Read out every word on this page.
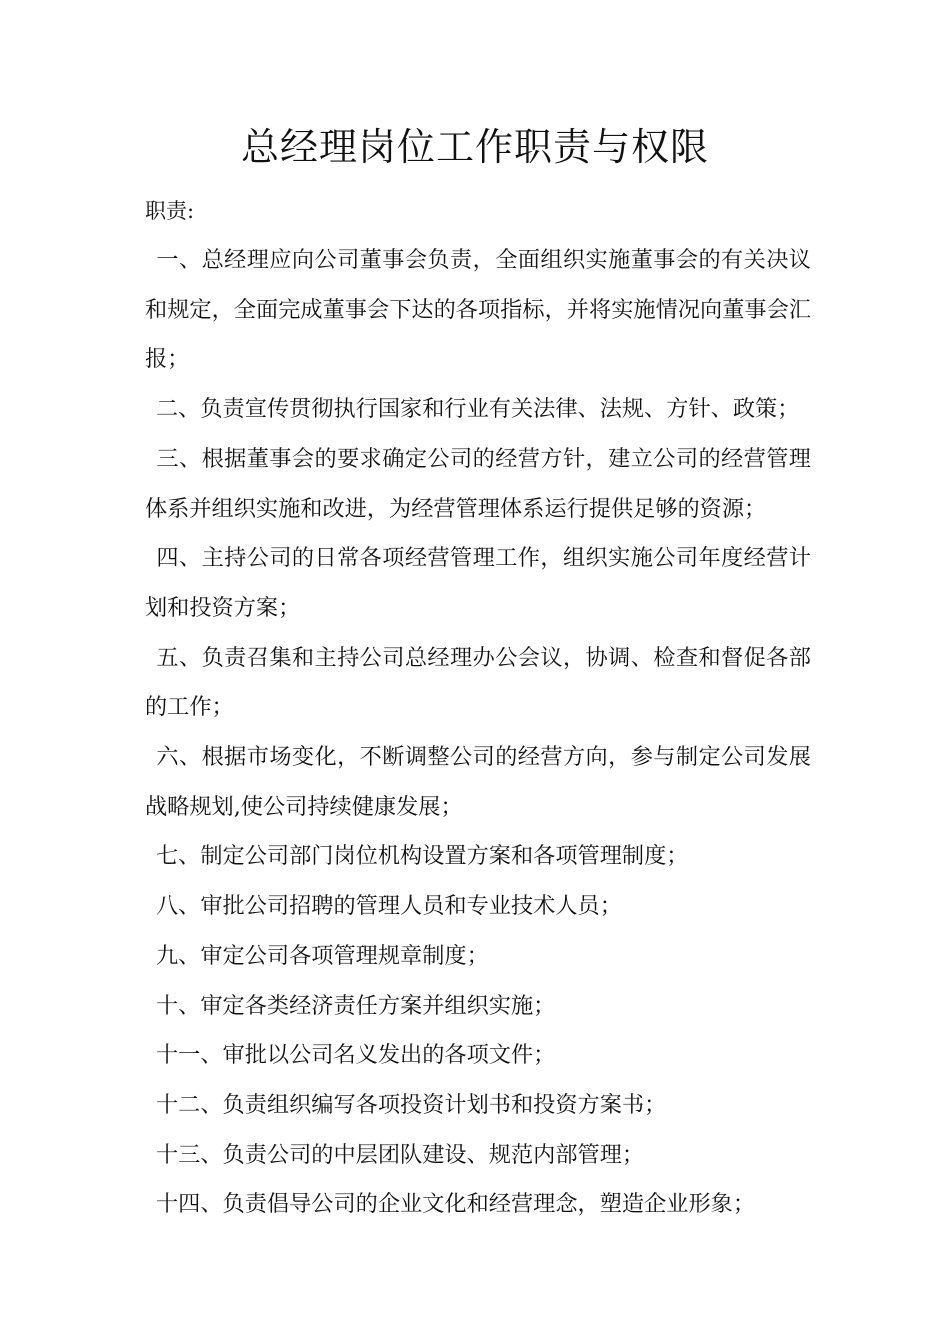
总经理岗位工作职责与权限
职责:

一、总经理应向公司董事会负责，全面组织实施董事会的有关决议和规定，全面完成董事会下达的各项指标，并将实施情况向董事会汇报；

二、负责宣传贯彻执行国家和行业有关法律、法规、方针、政策；

三、根据董事会的要求确定公司的经营方针，建立公司的经营管理体系并组织实施和改进，为经营管理体系运行提供足够的资源；

四、主持公司的日常各项经营管理工作，组织实施公司年度经营计划和投资方案；

五、负责召集和主持公司总经理办公会议，协调、检查和督促各部的工作；

六、根据市场变化，不断调整公司的经营方向，参与制定公司发展战略规划,使公司持续健康发展；

七、制定公司部门岗位机构设置方案和各项管理制度；

八、审批公司招聘的管理人员和专业技术人员；

九、审定公司各项管理规章制度；

十、审定各类经济责任方案并组织实施；

十一、审批以公司名义发出的各项文件；

十二、负责组织编写各项投资计划书和投资方案书；

十三、负责公司的中层团队建设、规范内部管理；

十四、负责倡导公司的企业文化和经营理念，塑造企业形象；
